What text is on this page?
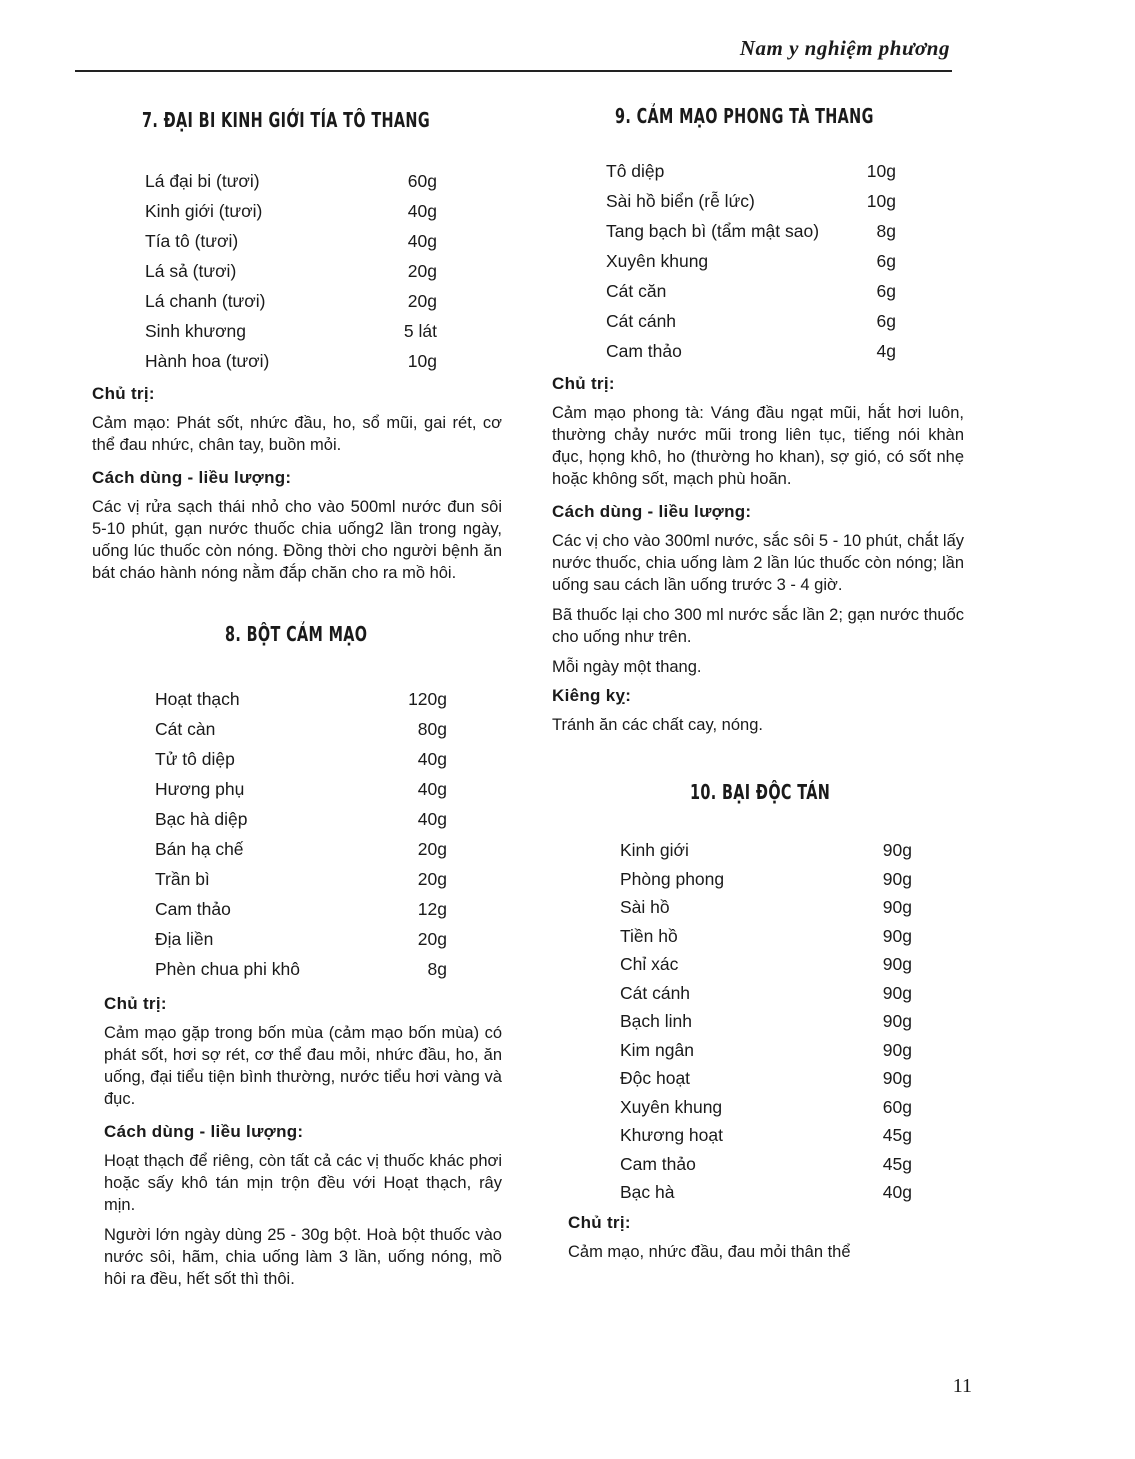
Nam y nghiệm phương
7. ĐẠI BI KINH GIỚI TÍA TÔ THANG
Lá đại bi (tươi)	60g
Kinh giới (tươi)	40g
Tía tô (tươi)	40g
Lá sả (tươi)	20g
Lá chanh (tươi)	20g
Sinh khương	5 lát
Hành hoa (tươi)	10g

Chủ trị:

Cảm mạo: Phát sốt, nhức đầu, ho, sổ mũi, gai rét, cơ thể đau nhức, chân tay, buồn mỏi.

Cách dùng - liều lượng:

Các vị rửa sạch thái nhỏ cho vào 500ml nước đun sôi 5-10 phút, gạn nước thuốc chia uống2 lần trong ngày, uống lúc thuốc còn nóng. Đồng thời cho người bệnh ăn bát cháo hành nóng nằm đắp chăn cho ra mồ hôi.

8. BỘT CẢM MẠO
Hoạt thạch	120g
Cát càn	80g
Tử tô diệp	40g
Hương phụ	40g
Bạc hà diệp	40g
Bán hạ chế	20g
Trần bì	20g
Cam thảo	12g
Địa liền	20g
Phèn chua phi khô	8g

Chủ trị:

Cảm mạo gặp trong bốn mùa (cảm mạo bốn mùa) có phát sốt, hơi sợ rét, cơ thể đau mỏi, nhức đầu, ho, ăn uống, đại tiểu tiện bình thường, nước tiểu hơi vàng và đục.

Cách dùng - liều lượng:

Hoạt thạch để riêng, còn tất cả các vị thuốc khác phơi hoặc sấy khô tán mịn trộn đều với Hoạt thạch, rây mịn.

Người lớn ngày dùng 25 - 30g bột. Hoà bột thuốc vào nước sôi, hãm, chia uống làm 3 lần, uống nóng, mồ hôi ra đều, hết sốt thì thôi.

9. CẢM MẠO PHONG TÀ THANG
Tô diệp	10g
Sài hồ biển (rễ lức)	10g
Tang bạch bì (tẩm mật sao)	8g
Xuyên khung	6g
Cát căn	6g
Cát cánh	6g
Cam thảo	4g

Chủ trị:

Cảm mạo phong tà: Váng đầu ngạt mũi, hắt hơi luôn, thường chảy nước mũi trong liên tục, tiếng nói khàn đục, họng khô, ho (thường ho khan), sợ gió, có sốt nhẹ hoặc không sốt, mạch phù hoãn.

Cách dùng - liều lượng:

Các vị cho vào 300ml nước, sắc sôi 5 - 10 phút, chắt lấy nước thuốc, chia uống làm 2 lần lúc thuốc còn nóng; lần uống sau cách lần uống trước 3 - 4 giờ.

Bã thuốc lại cho 300 ml nước sắc lần 2; gạn nước thuốc cho uống như trên.

Mỗi ngày một thang.

Kiêng kỵ:

Tránh ăn các chất cay, nóng.

10. BẠI ĐỘC TÁN
Kinh giới	90g
Phòng phong	90g
Sài hồ	90g
Tiền hồ	90g
Chỉ xác	90g
Cát cánh	90g
Bạch linh	90g
Kim ngân	90g
Độc hoạt	90g
Xuyên khung	60g
Khương hoạt	45g
Cam thảo	45g
Bạc hà	40g

Chủ trị:

Cảm mạo, nhức đầu, đau mỏi thân thể

11
